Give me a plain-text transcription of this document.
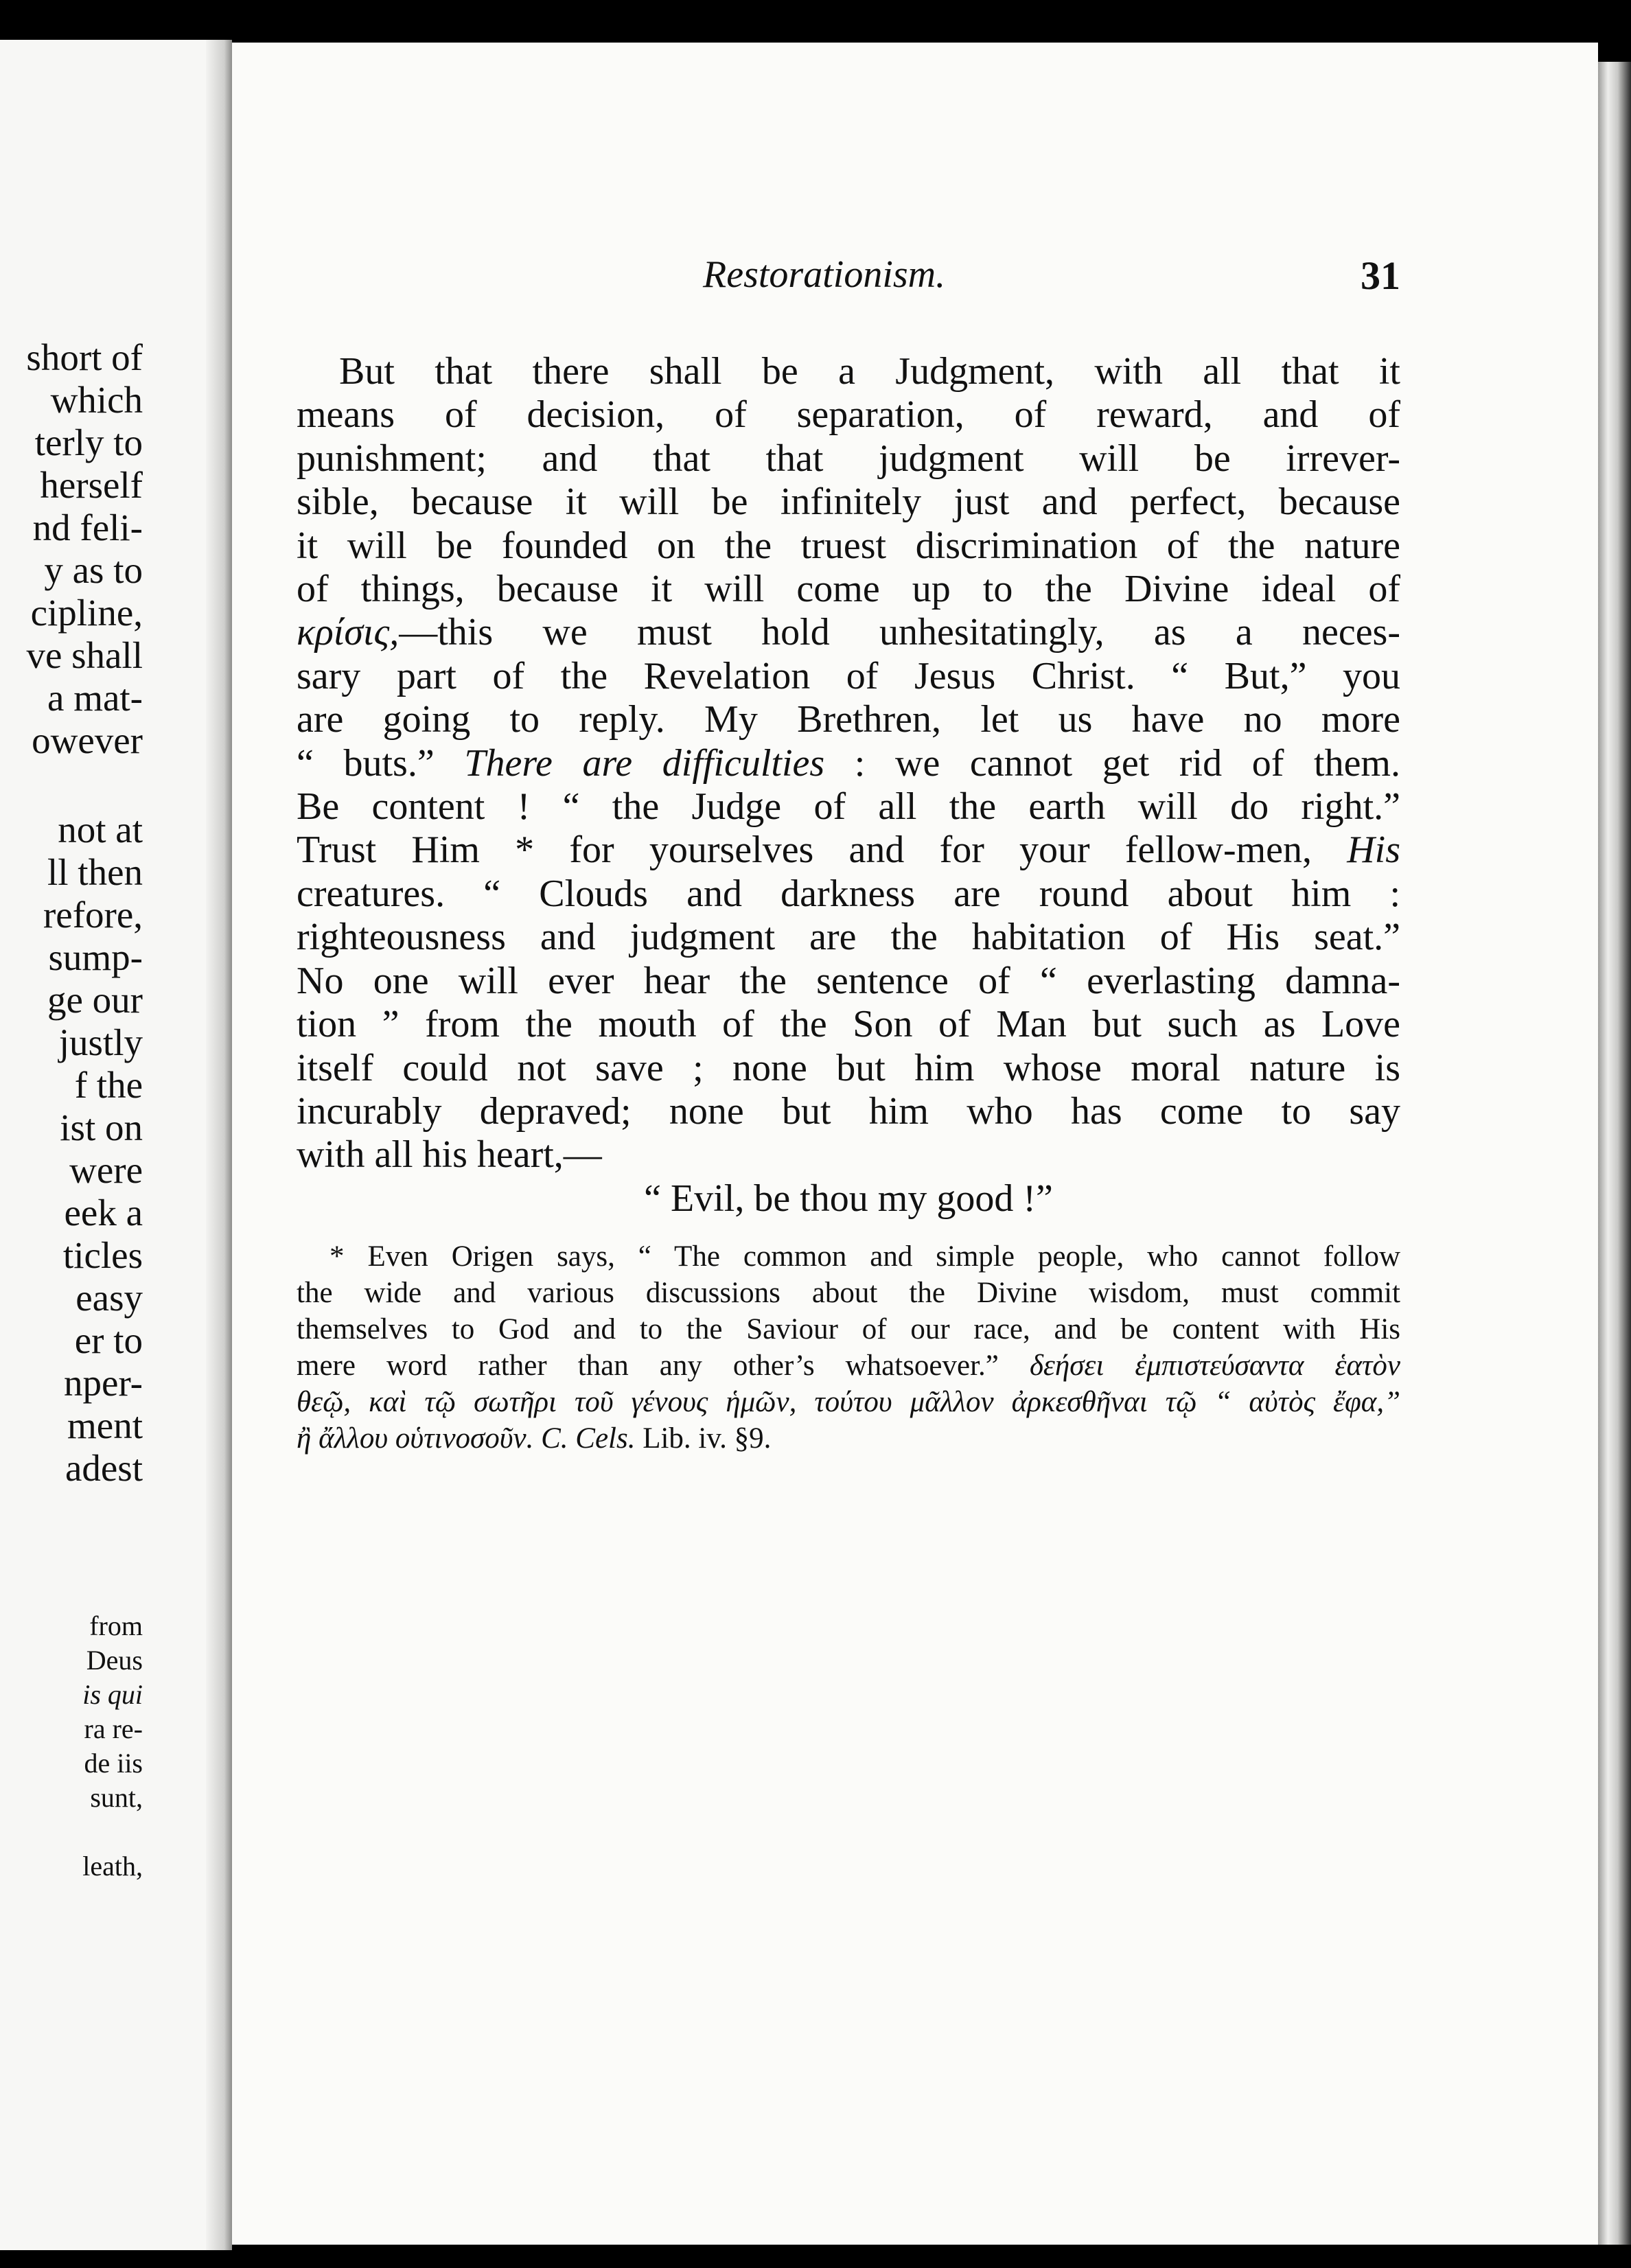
short of
which
terly to
herself
nd feli-
y as to
cipline,
ve shall
a mat-
owever
not at
ll then
refore,
sump-
ge our
justly
f the
ist on
were
eek a
ticles
easy
er to
nper-
ment
adest
from
Deus
is qui
ra re-
de iis
sunt,
leath,
Restorationism.	31
But that there shall be a Judgment, with all that it
means of decision, of separation, of reward, and of
punishment; and that that judgment will be irrever-
sible, because it will be infinitely just and perfect, because
it will be founded on the truest discrimination of the nature
of things, because it will come up to the Divine ideal of
κρίσις,—this we must hold unhesitatingly, as a neces-
sary part of the Revelation of Jesus Christ. “ But,” you
are going to reply. My Brethren, let us have no more
“ buts.” There are difficulties : we cannot get rid of them.
Be content ! “ the Judge of all the earth will do right.”
Trust Him * for yourselves and for your fellow-men, His
creatures. “ Clouds and darkness are round about him :
righteousness and judgment are the habitation of His seat.”
No one will ever hear the sentence of “ everlasting damna-
tion ” from the mouth of the Son of Man but such as Love
itself could not save ; none but him whose moral nature is
incurably depraved; none but him who has come to say
with all his heart,—

“ Evil, be thou my good !”

* Even Origen says, “ The common and simple people, who cannot follow
the wide and various discussions about the Divine wisdom, must commit
themselves to God and to the Saviour of our race, and be content with His
mere word rather than any other’s whatsoever.” δεήσει ἐμπιστεύσαντα ἑατὸν
θεῷ, καὶ τῷ σωτῆρι τοῦ γένους ἡμῶν, τούτου μᾶλλον ἀρκεσθῆναι τῷ “ αὐτὸς ἔφα,”
ἢ ἄλλου οὑτινοσοῦν. C. Cels. Lib. iv. §9.
